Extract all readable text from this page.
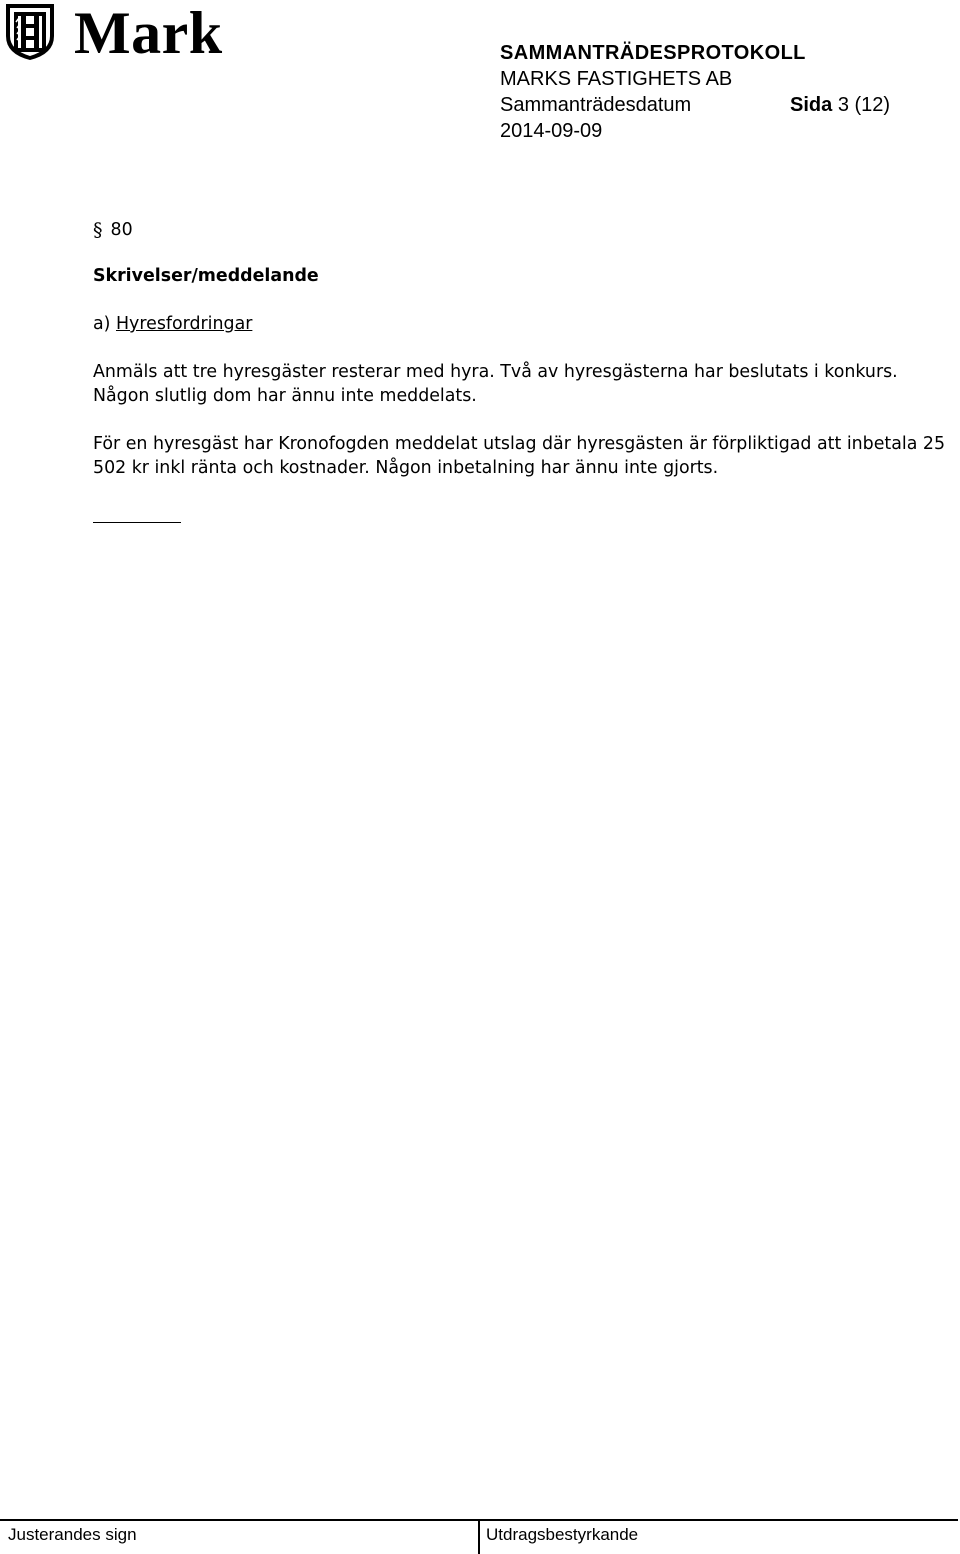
Mark	SAMMANTRÄDESPROTOKOLL
MARKS FASTIGHETS AB
Sammanträdesdatum	Sida 3 (12)
2014-09-09
§ 80
Skrivelser/meddelande
a) Hyresfordringar
Anmäls att tre hyresgäster resterar med hyra. Två av hyresgästerna har beslutats i konkurs. Någon slutlig dom har ännu inte meddelats.
För en hyresgäst har Kronofogden meddelat utslag där hyresgästen är förpliktigad att inbetala 25 502 kr inkl ränta och kostnader. Någon inbetalning har ännu inte gjorts.
Justerandes sign	Utdragsbestyrkande
